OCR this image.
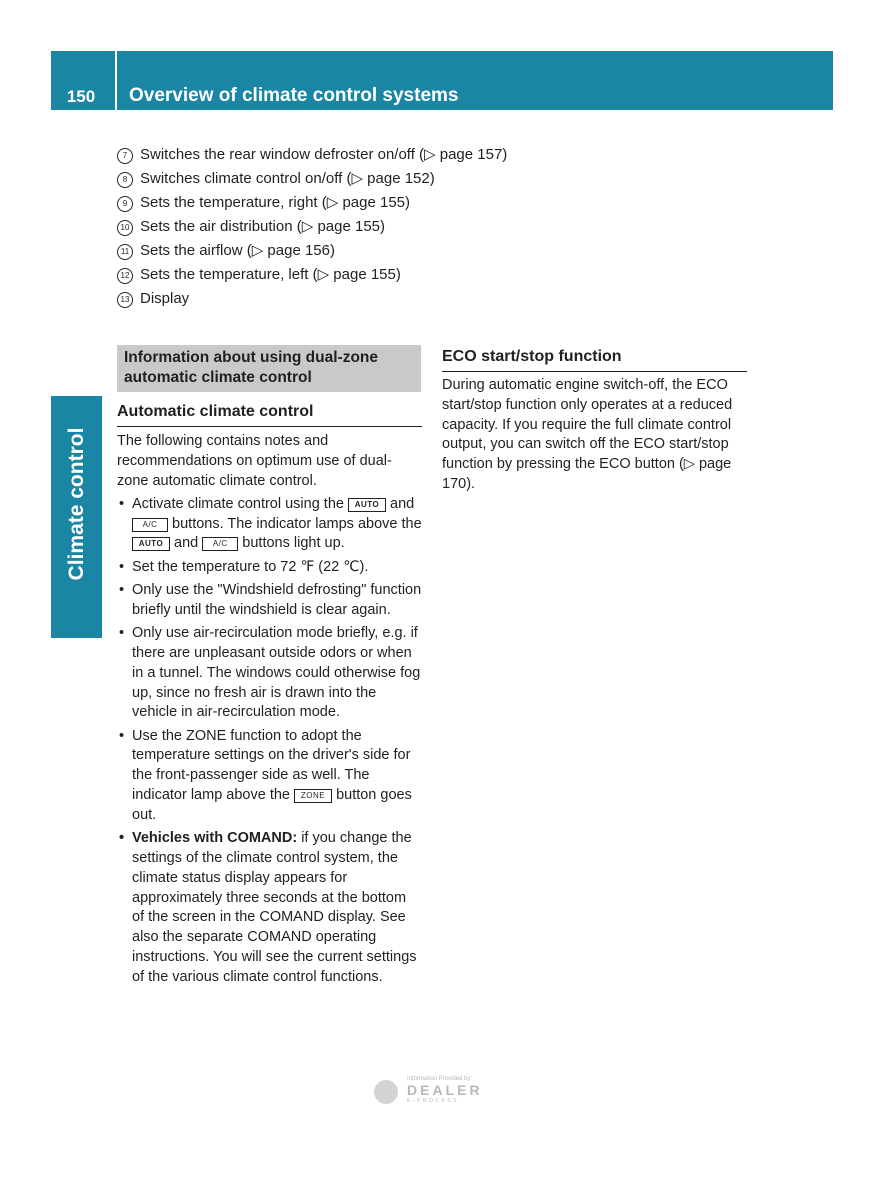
150	Overview of climate control systems
Climate control
7 Switches the rear window defroster on/off (▷ page 157)
8 Switches climate control on/off (▷ page 152)
9 Sets the temperature, right (▷ page 155)
10 Sets the air distribution (▷ page 155)
11 Sets the airflow (▷ page 156)
12 Sets the temperature, left (▷ page 155)
13 Display
Information about using dual-zone
automatic climate control
Automatic climate control

The following contains notes and recommendations on optimum use of dual-zone automatic climate control.

• Activate climate control using the AUTO and A/C buttons. The indicator lamps above the AUTO and A/C buttons light up.
• Set the temperature to 72 ℉ (22 ℃).
• Only use the "Windshield defrosting" function briefly until the windshield is clear again.
• Only use air-recirculation mode briefly, e.g. if there are unpleasant outside odors or when in a tunnel. The windows could otherwise fog up, since no fresh air is drawn into the vehicle in air-recirculation mode.
• Use the ZONE function to adopt the temperature settings on the driver's side for the front-passenger side as well. The indicator lamp above the ZONE button goes out.
• Vehicles with COMAND: if you change the settings of the climate control system, the climate status display appears for approximately three seconds at the bottom of the screen in the COMAND display. See also the separate COMAND operating instructions. You will see the current settings of the various climate control functions.
ECO start/stop function
During automatic engine switch-off, the ECO start/stop function only operates at a reduced capacity. If you require the full climate control output, you can switch off the ECO start/stop function by pressing the ECO button (▷ page 170).
Information Provided by:
DEALER
E-PROCESS
